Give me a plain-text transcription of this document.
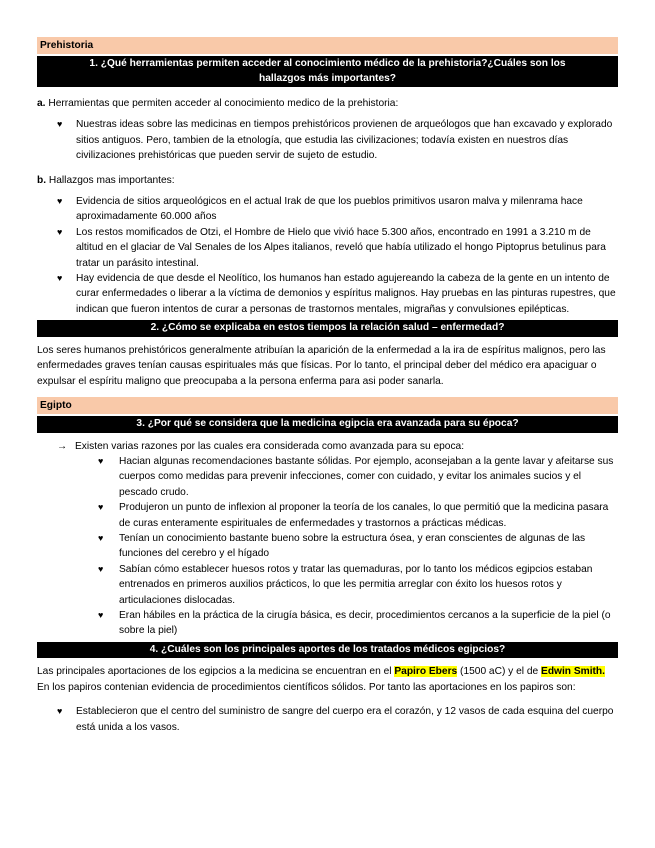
Prehistoria
1. ¿Qué herramientas permiten acceder al conocimiento médico de la prehistoria?¿Cuáles son los hallazgos más importantes?

a. Herramientas que permiten acceder al conocimiento medico de la prehistoria:

♥ Nuestras ideas sobre las medicinas en tiempos prehistóricos provienen de arqueólogos que han excavado y explorado sitios antiguos. Pero, tambien de la etnología, que estudia las civilizaciones; todavía existen en nuestros días civilizaciones prehistóricas que pueden servir de sujeto de estudio.

b. Hallazgos mas importantes:

♥ Evidencia de sitios arqueológicos en el actual Irak de que los pueblos primitivos usaron malva y milenrama hace aproximadamente 60.000 años
♥ Los restos momificados de Otzi, el Hombre de Hielo que vivió hace 5.300 años, encontrado en 1991 a 3.210 m de altitud en el glaciar de Val Senales de los Alpes italianos, reveló que había utilizado el hongo Piptoprus betulinus para tratar un parásito intestinal.
♥ Hay evidencia de que desde el Neolítico, los humanos han estado agujereando la cabeza de la gente en un intento de curar enfermedades o liberar a la víctima de demonios y espíritus malignos. Hay pruebas en las pinturas rupestres, que indican que fueron intentos de curar a personas de trastornos mentales, migrañas y convulsiones epilépticas.
2. ¿Cómo se explicaba en estos tiempos la relación salud – enfermedad?

Los seres humanos prehistóricos generalmente atribuían la aparición de la enfermedad a la ira de espíritus malignos, pero las enfermedades graves tenían causas espirituales más que físicas. Por lo tanto, el principal deber del médico era apaciguar o expulsar el espíritu maligno que preocupaba a la persona enferma para asi poder sanarla.

Egipto
3. ¿Por qué se considera que la medicina egipcia era avanzada para su época?
→ Existen varias razones por las cuales era considerada como avanzada para su epoca:

♥ Hacian algunas recomendaciones bastante sólidas. Por ejemplo, aconsejaban a la gente lavar y afeitarse sus cuerpos como medidas para prevenir infecciones, comer con cuidado, y evitar los animales sucios y el pescado crudo.
♥ Produjeron un punto de inflexion al proponer la teoría de los canales, lo que permitió que la medicina pasara de curas enteramente espirituales de enfermedades y trastornos a prácticas médicas.
♥ Tenían un conocimiento bastante bueno sobre la estructura ósea, y eran conscientes de algunas de las funciones del cerebro y el hígado
♥ Sabían cómo establecer huesos rotos y tratar las quemaduras, por lo tanto los médicos egipcios estaban entrenados en primeros auxilios prácticos, lo que les permitia arreglar con éxito los huesos rotos y articulaciones dislocadas.
♥ Eran hábiles en la práctica de la cirugía básica, es decir, procedimientos cercanos a la superficie de la piel (o sobre la piel)
4. ¿Cuáles son los principales aportes de los tratados médicos egipcios?

Las principales aportaciones de los egipcios a la medicina se encuentran en el Papiro Ebers (1500 aC) y el de Edwin Smith. En los papiros contenian evidencia de procedimientos científicos sólidos. Por tanto las aportaciones en los papiros son:

♥ Establecieron que el centro del suministro de sangre del cuerpo era el corazón, y 12 vasos de cada esquina del cuerpo está unida a los vasos.
